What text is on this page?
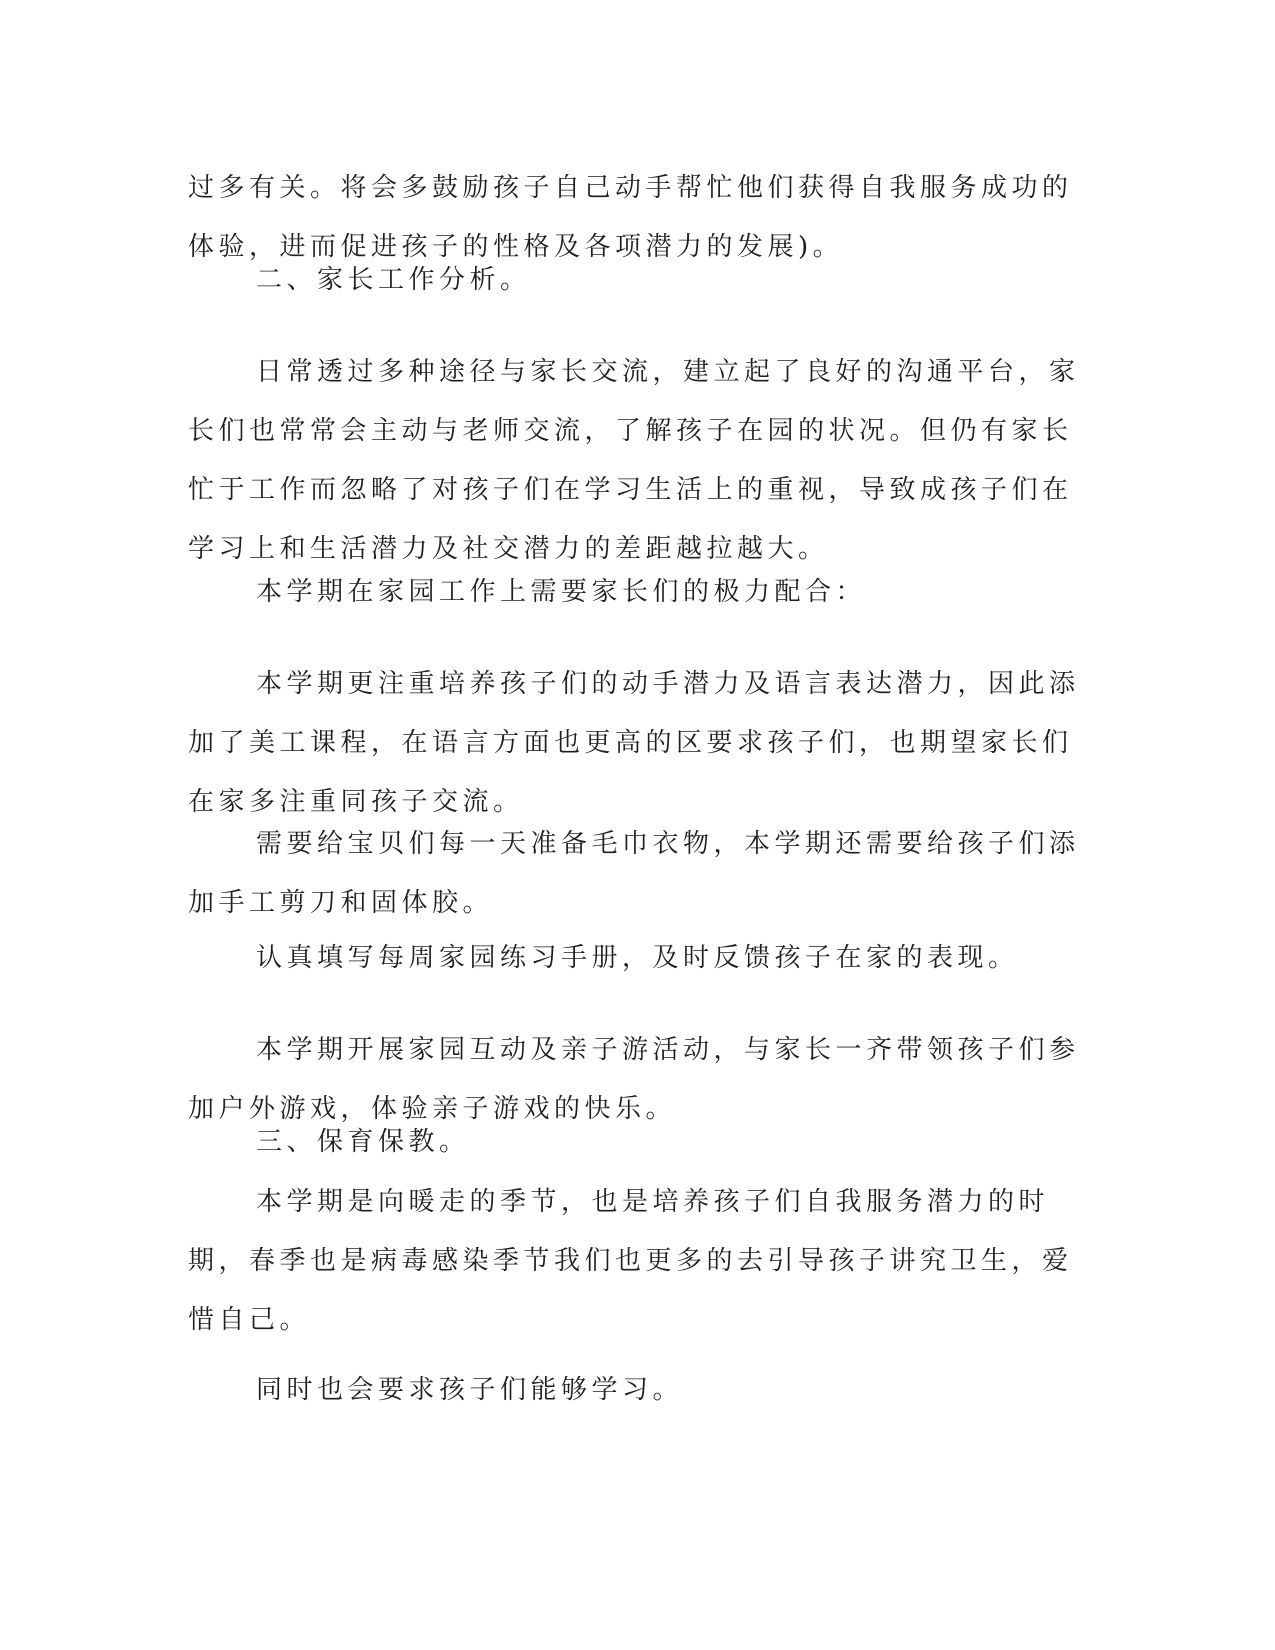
过多有关。将会多鼓励孩子自己动手帮忙他们获得自我服务成功的体验，进而促进孩子的性格及各项潜力的发展)。

二、家长工作分析。

日常透过多种途径与家长交流，建立起了良好的沟通平台，家长们也常常会主动与老师交流，了解孩子在园的状况。但仍有家长忙于工作而忽略了对孩子们在学习生活上的重视，导致成孩子们在学习上和生活潜力及社交潜力的差距越拉越大。

本学期在家园工作上需要家长们的极力配合：

本学期更注重培养孩子们的动手潜力及语言表达潜力，因此添加了美工课程，在语言方面也更高的区要求孩子们，也期望家长们在家多注重同孩子交流。

需要给宝贝们每一天准备毛巾衣物，本学期还需要给孩子们添加手工剪刀和固体胶。

认真填写每周家园练习手册，及时反馈孩子在家的表现。

本学期开展家园互动及亲子游活动，与家长一齐带领孩子们参加户外游戏，体验亲子游戏的快乐。

三、保育保教。

本学期是向暖走的季节，也是培养孩子们自我服务潜力的时期，春季也是病毒感染季节我们也更多的去引导孩子讲究卫生，爱惜自己。

同时也会要求孩子们能够学习。
